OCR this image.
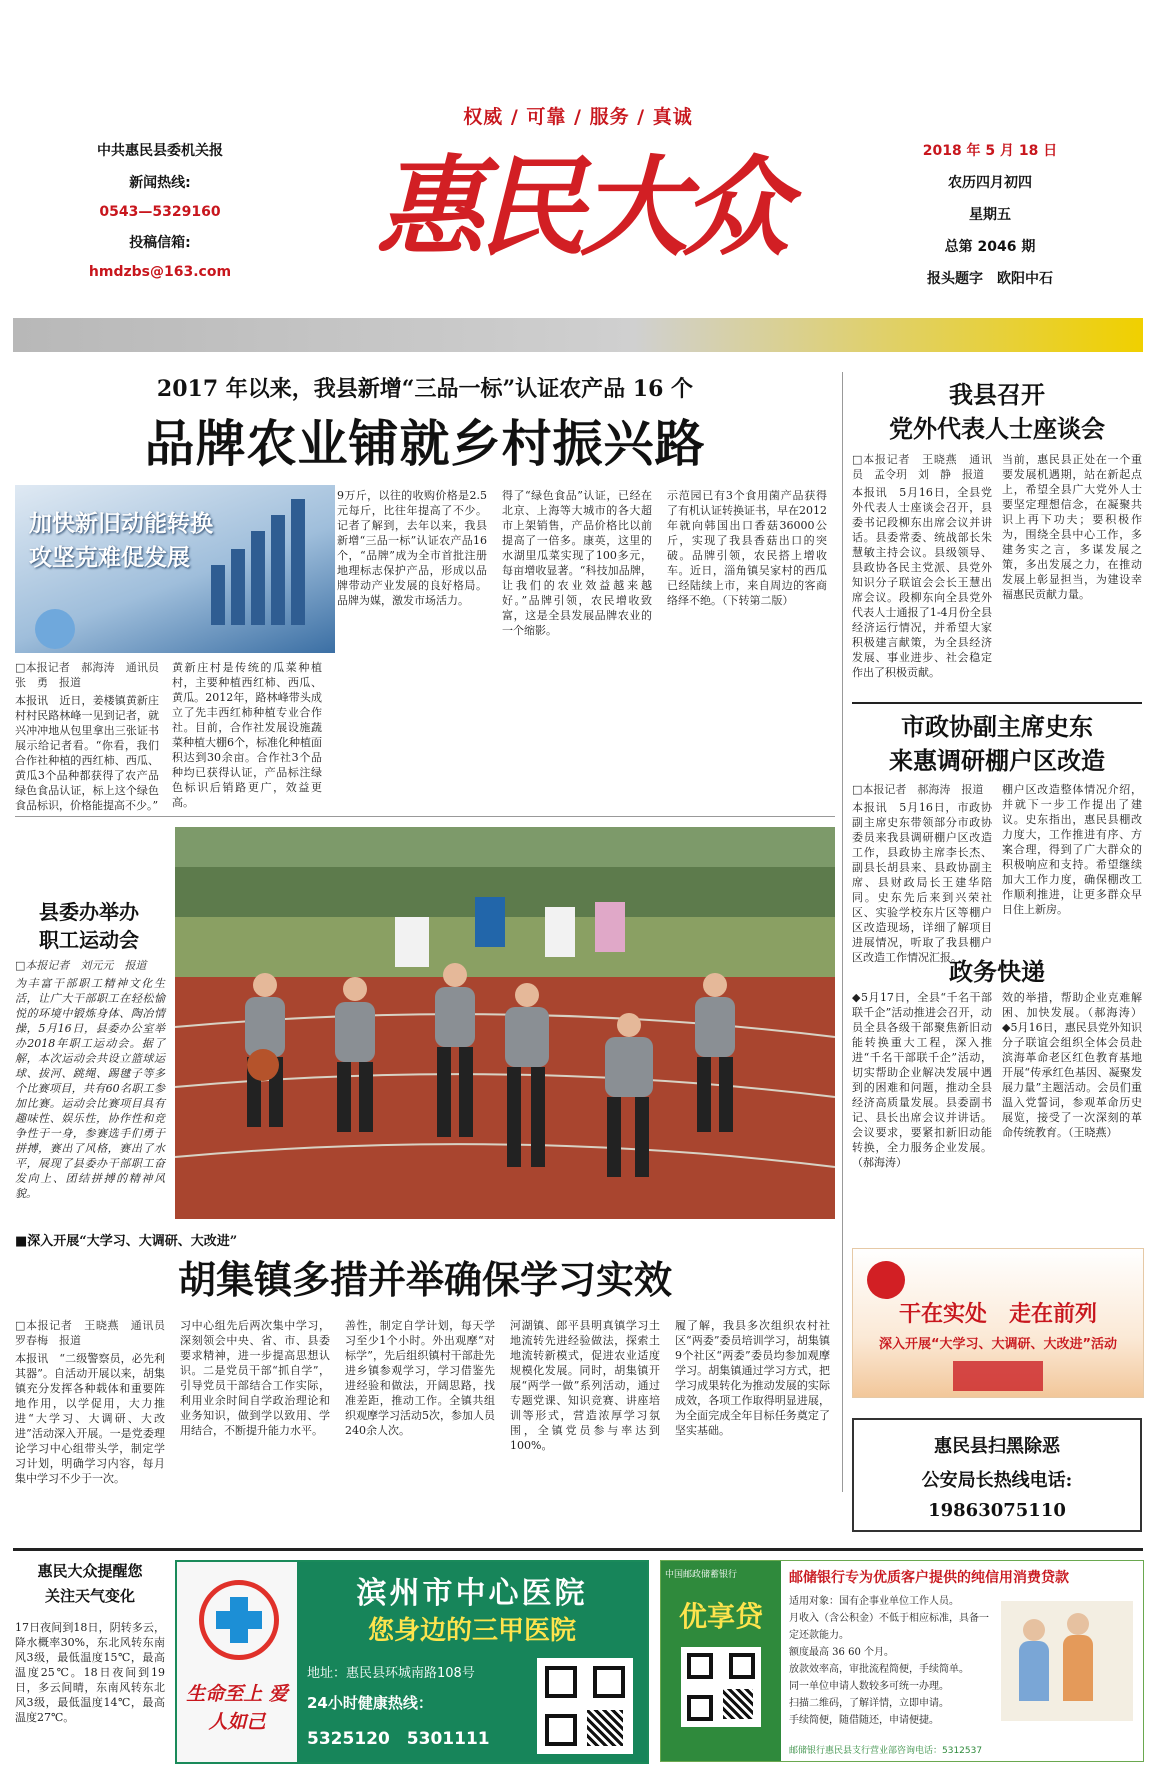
权威 / 可靠 / 服务 / 真诚
惠民大众
中共惠民县委机关报
新闻热线:
0543—5329160
投稿信箱:
hmdzbs@163.com
2018 年 5 月 18 日
农历四月初四
星期五
总第 2046 期
报头题字　欧阳中石
2017 年以来，我县新增“三品一标”认证农产品 16 个
品牌农业铺就乡村振兴路
加快新旧动能转换
攻坚克难促发展
□本报记者　郝海涛　通讯员　张　勇　报道
本报讯　近日，姜楼镇黄新庄村村民路林峰一见到记者，就兴冲冲地从包里拿出三张证书展示给记者看。“你看，我们合作社种植的西红柿、西瓜、黄瓜3个品种都获得了农产品绿色食品认证，标上这个绿色食品标识，价格能提高不少。”
黄新庄村是传统的瓜菜种植村，主要种植西红柿、西瓜、黄瓜。2012年，路林峰带头成立了先丰西红柿种植专业合作社。目前，合作社发展设施蔬菜种植大棚6个，标准化种植面积达到30余亩。合作社3个品种均已获得认证，产品标注绿色标识后销路更广，效益更高。
9万斤，以往的收购价格是2.5元每斤，比往年提高了不少。记者了解到，去年以来，我县新增“三品一标”认证农产品16个，“品牌”成为全市首批注册地理标志保护产品，形成以品牌带动产业发展的良好格局。品牌为媒，激发市场活力。
得了“绿色食品”认证，已经在北京、上海等大城市的各大超市上架销售，产品价格比以前提高了一倍多。康英，这里的水湖里瓜菜实现了100多元，每亩增收显著。“科技加品牌，让我们的农业效益越来越好。”品牌引领，农民增收致富，这是全县发展品牌农业的一个缩影。
示范园已有3个食用菌产品获得了有机认证转换证书，早在2012年就向韩国出口香菇36000公斤，实现了我县香菇出口的突破。品牌引领，农民搭上增收车。近日，淄角镇吴家村的西瓜已经陆续上市，来自周边的客商络绎不绝。（下转第二版）
我县召开
党外代表人士座谈会
□本报记者　王晓燕　通讯员　孟令玥　刘　静　报道
本报讯　5月16日，全县党外代表人士座谈会召开，县委书记段柳东出席会议并讲话。县委常委、统战部长朱慧敏主持会议。县级领导、县政协各民主党派、县党外知识分子联谊会会长王慧出席会议。段柳东向全县党外代表人士通报了1-4月份全县经济运行情况，并希望大家积极建言献策，为全县经济发展、事业进步、社会稳定作出了积极贡献。
当前，惠民县正处在一个重要发展机遇期，站在新起点上，希望全县广大党外人士要坚定理想信念，在凝聚共识上再下功夫；要积极作为，围绕全县中心工作，多建务实之言，多谋发展之策，多出发展之力，在推动发展上彰显担当，为建设幸福惠民贡献力量。
市政协副主席史东
来惠调研棚户区改造
□本报记者　郝海涛　报道
本报讯　5月16日，市政协副主席史东带领部分市政协委员来我县调研棚户区改造工作，县政协主席李长杰、副县长胡县来、县政协副主席、县财政局长王建华陪同。史东先后来到兴荣社区、实验学校东片区等棚户区改造现场，详细了解项目进展情况，听取了我县棚户区改造工作情况汇报。
棚户区改造整体情况介绍，并就下一步工作提出了建议。史东指出，惠民县棚改力度大，工作推进有序、方案合理，得到了广大群众的积极响应和支持。希望继续加大工作力度，确保棚改工作顺利推进，让更多群众早日住上新房。
政务快递
◆5月17日，全县“千名干部联千企”活动推进会召开，动员全县各级干部聚焦新旧动能转换重大工程，深入推进“千名干部联千企”活动，切实帮助企业解决发展中遇到的困难和问题，推动全县经济高质量发展。县委副书记、县长出席会议并讲话。会议要求，要紧扣新旧动能转换，全力服务企业发展。（郝海涛）
效的举措，帮助企业克难解困、加快发展。（郝海涛）◆5月16日，惠民县党外知识分子联谊会组织全体会员赴滨海革命老区红色教育基地开展“传承红色基因、凝聚发展力量”主题活动。会员们重温入党誓词，参观革命历史展览，接受了一次深刻的革命传统教育。（王晓燕）
县委办举办
职工运动会
□本报记者　刘元元　报道
为丰富干部职工精神文化生活，让广大干部职工在轻松愉悦的环境中锻炼身体、陶冶情操，5月16日，县委办公室举办2018年职工运动会。据了解，本次运动会共设立篮球运球、拔河、跳绳、踢毽子等多个比赛项目，共有60名职工参加比赛。运动会比赛项目具有趣味性、娱乐性，协作性和竞争性于一身，参赛选手们勇于拼搏，赛出了风格，赛出了水平，展现了县委办干部职工奋发向上、团结拼搏的精神风貌。
■深入开展“大学习、大调研、大改进”
胡集镇多措并举确保学习实效
□本报记者　王晓燕　通讯员　罗春梅　报道
本报讯　“二级警察员，必先利其器”。自活动开展以来，胡集镇充分发挥各种载体和重要阵地作用，以学促用，大力推进“大学习、大调研、大改进”活动深入开展。一是党委理论学习中心组带头学，制定学习计划，明确学习内容，每月集中学习不少于一次。
习中心组先后两次集中学习，深刻领会中央、省、市、县委要求精神，进一步提高思想认识。二是党员干部“抓自学”，引导党员干部结合工作实际，利用业余时间自学政治理论和业务知识，做到学以致用、学用结合，不断提升能力水平。
善性，制定自学计划，每天学习至少1个小时。外出观摩“对标学”，先后组织镇村干部赴先进乡镇参观学习，学习借鉴先进经验和做法，开阔思路，找准差距，推动工作。全镇共组织观摩学习活动5次，参加人员240余人次。
河湖镇、郎平县明真镇学习土地流转先进经验做法，探索土地流转新模式，促进农业适度规模化发展。同时，胡集镇开展“两学一做”系列活动，通过专题党课、知识竞赛、讲座培训等形式，营造浓厚学习氛围，全镇党员参与率达到100%。
履了解，我县多次组织农村社区“两委”委员培训学习，胡集镇9个社区“两委”委员均参加观摩学习。胡集镇通过学习方式，把学习成果转化为推动发展的实际成效，各项工作取得明显进展，为全面完成全年目标任务奠定了坚实基础。
干在实处　走在前列
深入开展“大学习、大调研、大改进”活动
惠民县扫黑除恶
公安局长热线电话:
19863075110
惠民大众提醒您
关注天气变化
17日夜间到18日，阴转多云，降水概率30%，东北风转东南风3级，最低温度15℃，最高温度25℃。18日夜间到19日，多云间晴，东南风转东北风3级，最低温度14℃，最高温度27℃。
生命至上 爱人如己
滨州市中心医院
您身边的三甲医院
地址：惠民县环城南路108号
24小时健康热线：
5325120　5301111
中国邮政储蓄银行
优享贷
邮储银行专为优质客户提供的纯信用消费贷款
适用对象：国有企事业单位工作人员。
月收入（含公积金）不低于相应标准，具备一定还款能力。
额度最高 36 60 个月。
放款效率高，审批流程简便，手续简单。
同一单位申请人数较多可统一办理。
扫描二维码，了解详情，立即申请。
手续简便，随借随还，申请便捷。
邮储银行惠民县支行营业部咨询电话：5312537
